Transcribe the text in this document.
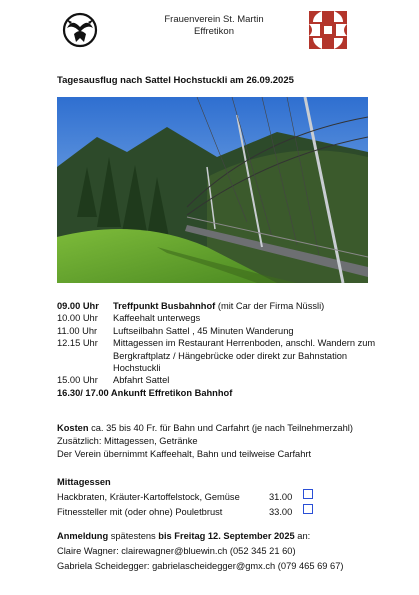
Frauenverein St. Martin
Effretikon
Tagesausflug nach Sattel Hochstuckli am 26.09.2025
09.00 Uhr	Treffpunkt Busbahnhof (mit Car der Firma Nüssli)
10.00 Uhr	Kaffeehalt unterwegs
11.00 Uhr	Luftseilbahn Sattel , 45 Minuten Wanderung
12.15 Uhr	Mittagessen im Restaurant Herrenboden, anschl. Wandern zum Bergkraftplatz / Hängebrücke oder direkt zur Bahnstation Hochstuckli
15.00 Uhr	Abfahrt Sattel
16.30/ 17.00 Ankunft Effretikon Bahnhof
Kosten ca. 35 bis 40 Fr. für Bahn und Carfahrt (je nach Teilnehmerzahl)
Zusätzlich: Mittagessen, Getränke
Der Verein übernimmt Kaffeehalt, Bahn und teilweise Carfahrt
Mittagessen
Hackbraten, Kräuter-Kartoffelstock, Gemüse	31.00
Fitnessteller mit (oder ohne) Pouletbrust	33.00
Anmeldung spätestens bis Freitag 12. September 2025 an:
Claire Wagner: clairewagner@bluewin.ch (052 345 21 60)
Gabriela Scheidegger: gabrielascheidegger@gmx.ch (079 465 69 67)
